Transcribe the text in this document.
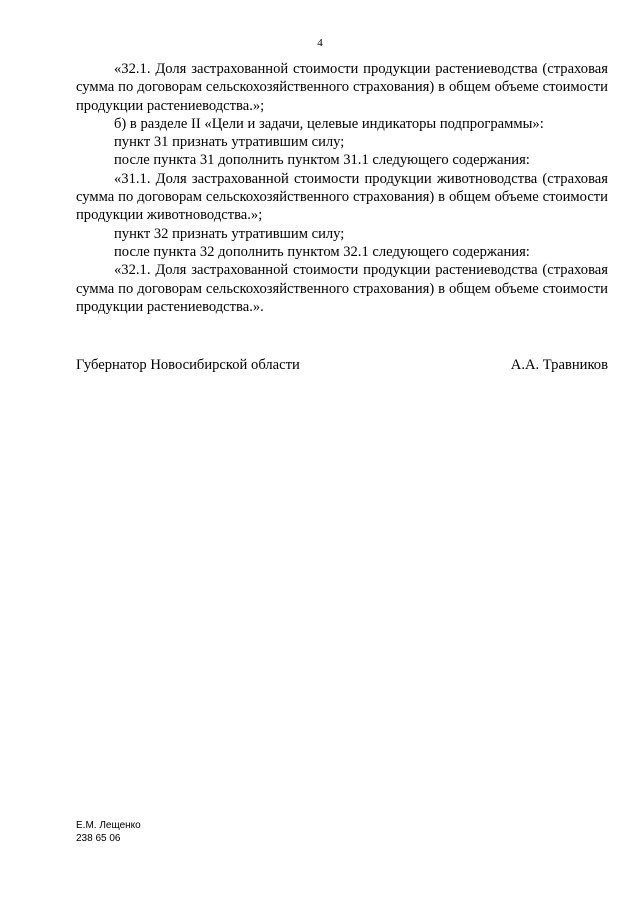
4

«32.1. Доля застрахованной стоимости продукции растениеводства (страховая сумма по договорам сельскохозяйственного страхования) в общем объеме стоимости продукции растениеводства.»;

б) в разделе II «Цели и задачи, целевые индикаторы подпрограммы»:

пункт 31 признать утратившим силу;

после пункта 31 дополнить пунктом 31.1 следующего содержания:

«31.1. Доля застрахованной стоимости продукции животноводства (страховая сумма по договорам сельскохозяйственного страхования) в общем объеме стоимости продукции животноводства.»;

пункт 32 признать утратившим силу;

после пункта 32 дополнить пунктом 32.1 следующего содержания:

«32.1. Доля застрахованной стоимости продукции растениеводства (страховая сумма по договорам сельскохозяйственного страхования) в общем объеме стоимости продукции растениеводства.».

Губернатор Новосибирской области	А.А. Травников
Е.М. Лещенко
238 65 06
